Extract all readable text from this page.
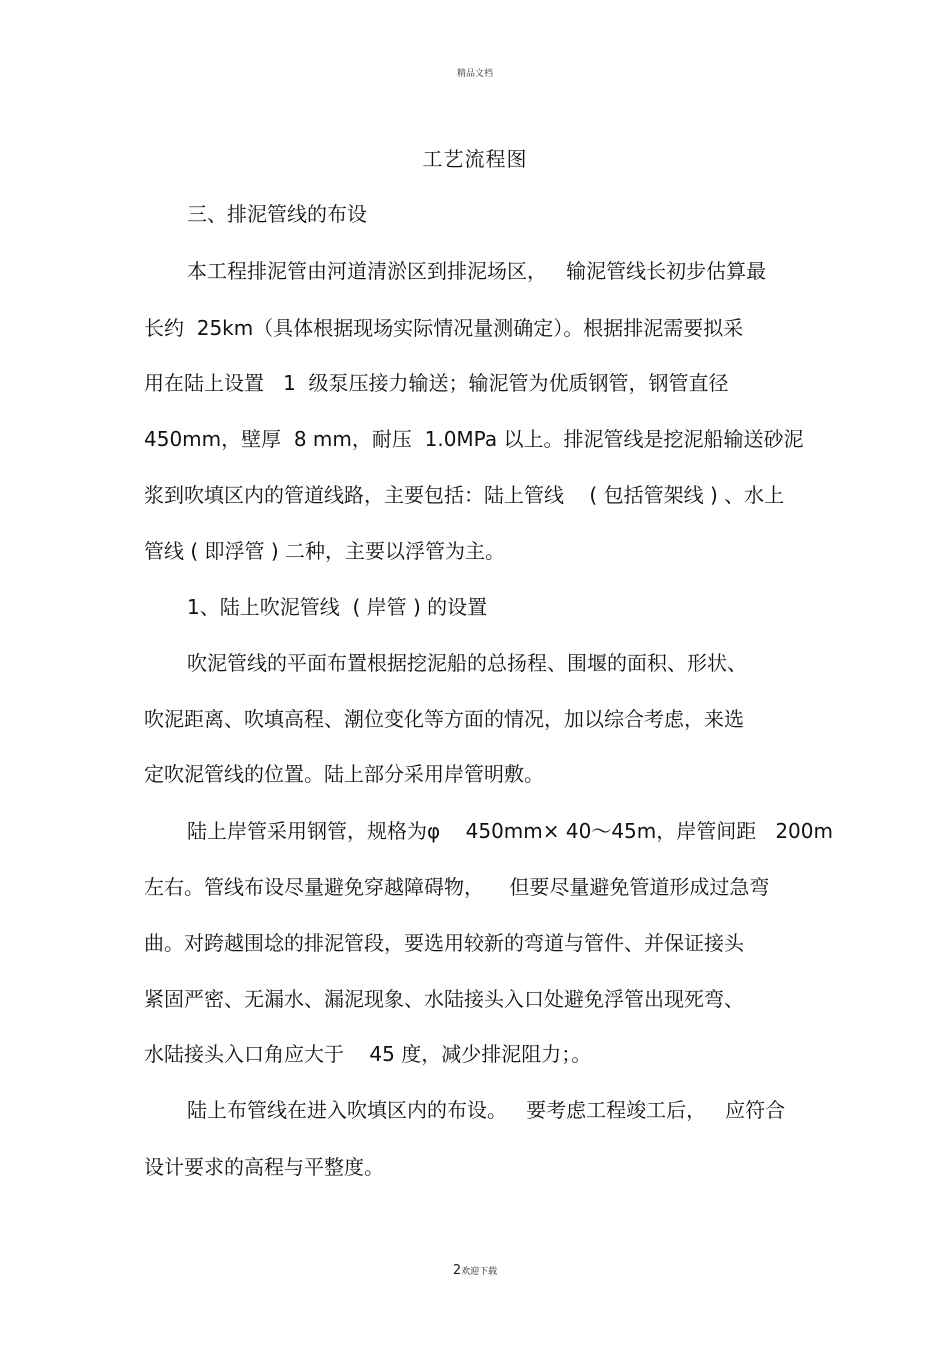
精品文档
工艺流程图
三、排泥管线的布设
本工程排泥管由河道清淤区到排泥场区，   输泥管线长初步估算最
长约  25km（具体根据现场实际情况量测确定）。根据排泥需要拟采
用在陆上设置   1  级泵压接力输送；输泥管为优质钢管，钢管直径
450mm，壁厚  8 mm，耐压  1.0MPa 以上。排泥管线是挖泥船输送砂泥
浆到吹填区内的管道线路，主要包括：陆上管线    ( 包括管架线 ) 、水上
管线 ( 即浮管 ) 二种，主要以浮管为主。
1、陆上吹泥管线  ( 岸管 ) 的设置
吹泥管线的平面布置根据挖泥船的总扬程、围堰的面积、形状、
吹泥距离、吹填高程、潮位变化等方面的情况，加以综合考虑，来选
定吹泥管线的位置。陆上部分采用岸管明敷。
陆上岸管采用钢管，规格为φ    450mm× 40～45m，岸管间距   200m
左右。管线布设尽量避免穿越障碍物，    但要尽量避免管道形成过急弯
曲。对跨越围埝的排泥管段，要选用较新的弯道与管件、并保证接头
紧固严密、无漏水、漏泥现象、水陆接头入口处避免浮管出现死弯、
水陆接头入口角应大于    45 度，减少排泥阻力；。
陆上布管线在进入吹填区内的布设。   要考虑工程竣工后，   应符合
设计要求的高程与平整度。
2欢迎下载
